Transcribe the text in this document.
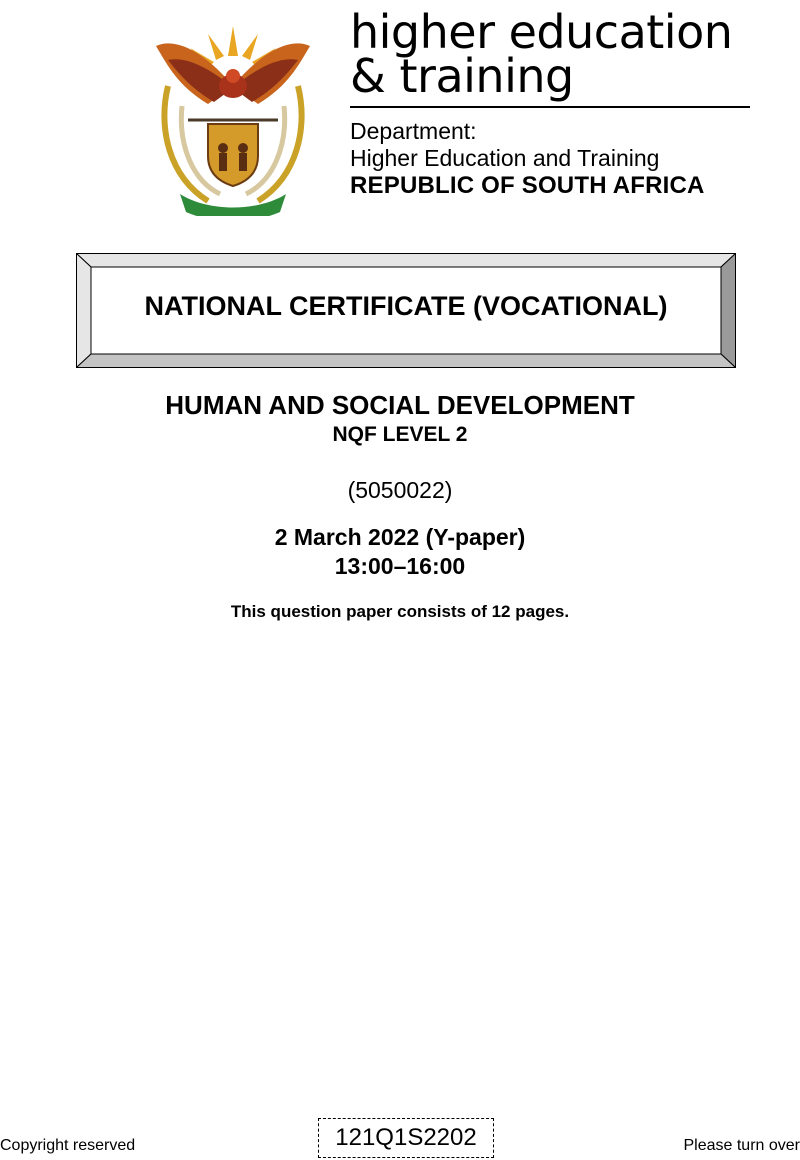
higher education
& training
Department:
Higher Education and Training
REPUBLIC OF SOUTH AFRICA
NATIONAL CERTIFICATE (VOCATIONAL)
HUMAN AND SOCIAL DEVELOPMENT
NQF LEVEL 2
(5050022)
2 March 2022 (Y-paper)
13:00–16:00
This question paper consists of 12 pages.
Copyright reserved	121Q1S2202	Please turn over
